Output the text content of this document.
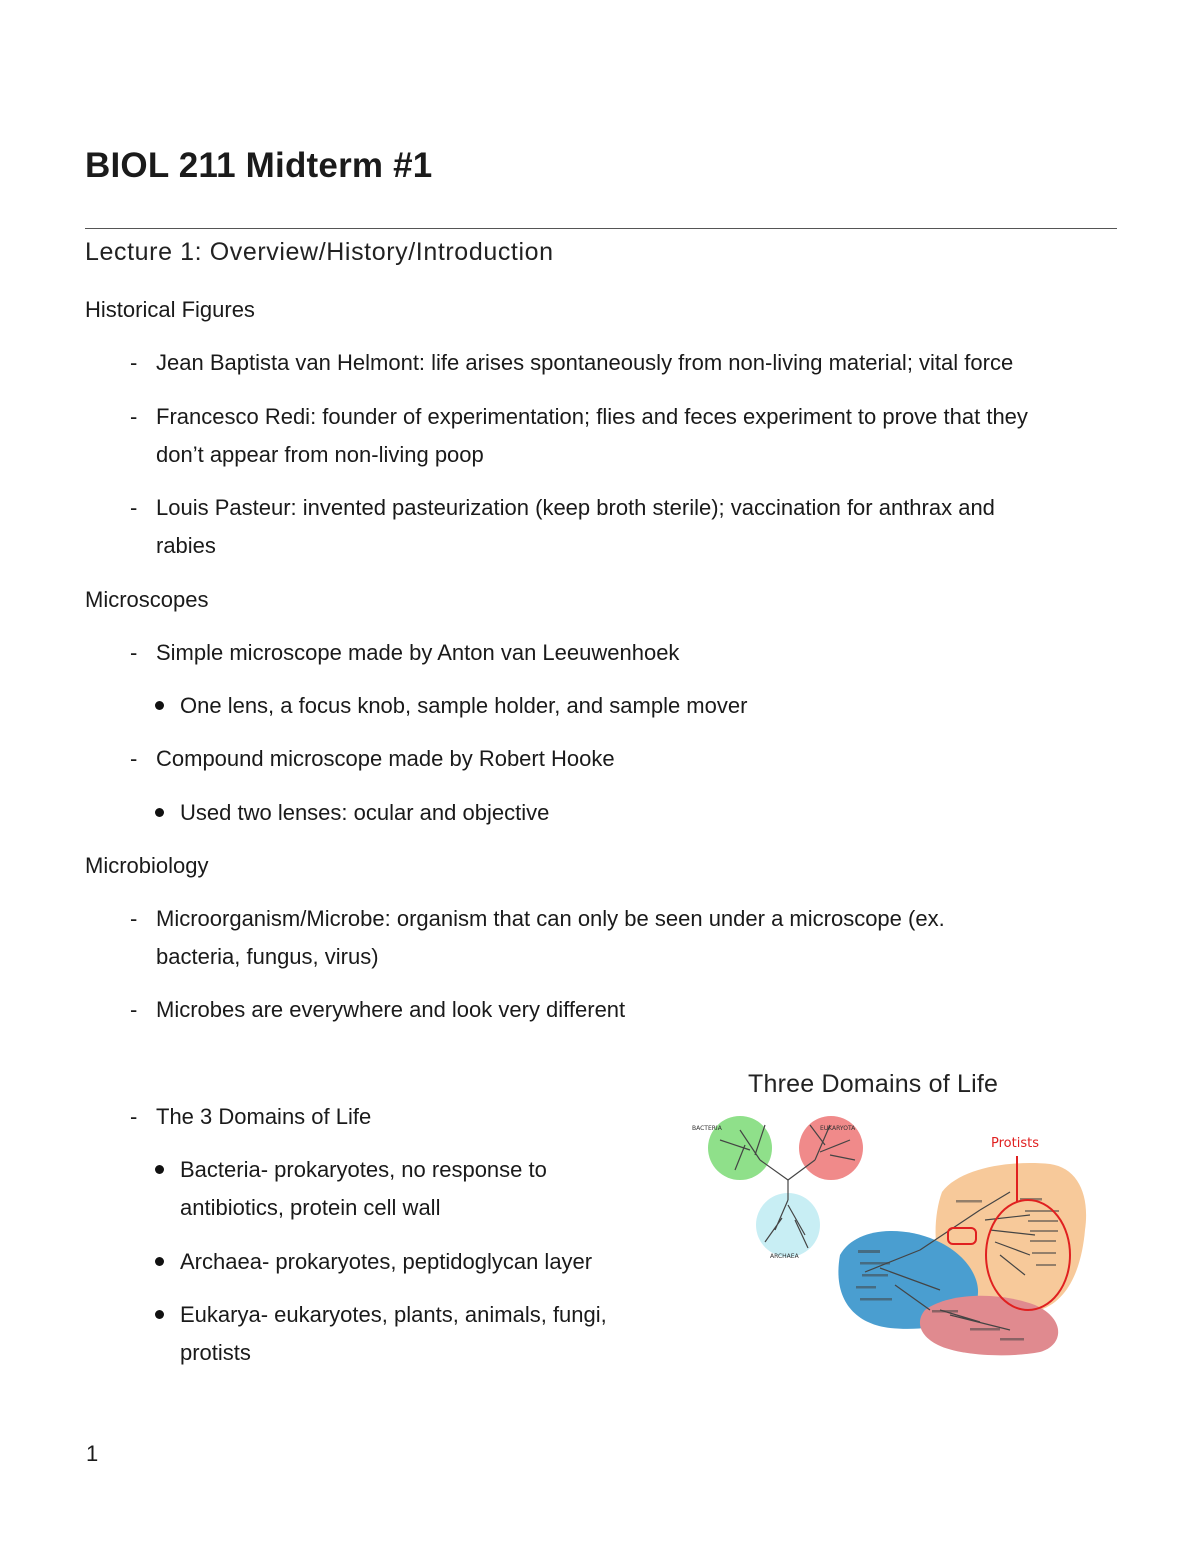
BIOL 211 Midterm #1
Lecture 1: Overview/History/Introduction
Historical Figures
- Jean Baptista van Helmont: life arises spontaneously from non-living material; vital force
- Francesco Redi: founder of experimentation; flies and feces experiment to prove that they
don’t appear from non-living poop
- Louis Pasteur: invented pasteurization (keep broth sterile); vaccination for anthrax and
rabies
Microscopes
- Simple microscope made by Anton van Leeuwenhoek
One lens, a focus knob, sample holder, and sample mover
- Compound microscope made by Robert Hooke
Used two lenses: ocular and objective
Microbiology
- Microorganism/Microbe: organism that can only be seen under a microscope (ex.
bacteria, fungus, virus)
- Microbes are everywhere and look very different
- The 3 Domains of Life
Bacteria- prokaryotes, no response to
antibiotics, protein cell wall
Archaea- prokaryotes, peptidoglycan layer
Eukarya- eukaryotes, plants, animals, fungi,
protists
Three Domains of Life
BACTERIA	EUKARYOTA
ARCHAEA
Protists
1
